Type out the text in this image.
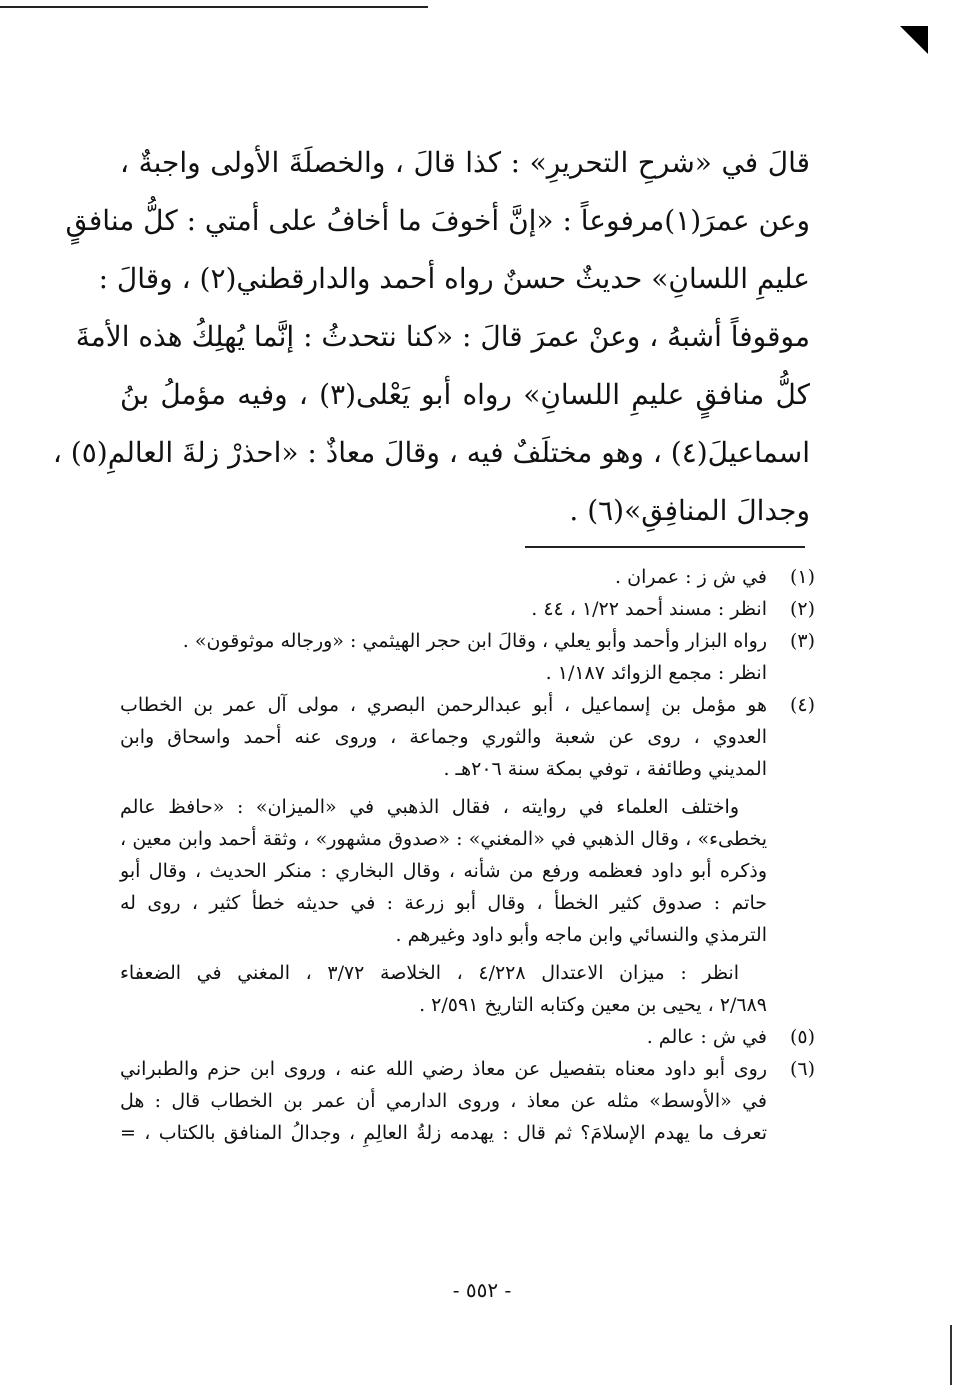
قالَ في «شرحِ التحريرِ» : كذا قالَ ، والخصلَةَ الأولى واجبةٌ ،
وعن عمرَ(١)مرفوعاً : «إنَّ أخوفَ ما أخافُ على أمتي : كلُّ منافقٍ
عليمِ اللسانِ» حديثٌ حسنٌ رواه أحمد والدارقطني(٢) ، وقالَ :
موقوفاً أشبهُ ، وعنْ عمرَ قالَ : «كنا نتحدثُ : إنَّما يُهلِكُ هذه الأمةَ
كلُّ منافقٍ عليمِ اللسانِ» رواه أبو يَعْلى(٣) ، وفيه مؤملُ بنُ
اسماعيلَ(٤) ، وهو مختلَفٌ فيه ، وقالَ معاذٌ : «احذرْ زلةَ العالمِ(٥) ،
وجدالَ المنافِقِ»(٦) .
(١)
في ش ز : عمران .
(٢)
انظر : مسند أحمد ١/٢٢ ، ٤٤ .
(٣)
رواه البزار وأحمد وأبو يعلي ، وقالَ ابن حجر الهيثمي : «ورجاله موثوقون» .
انظر : مجمع الزوائد ١/١٨٧ .
(٤)
هو مؤمل بن إسماعيل ، أبو عبدالرحمن البصري ، مولى آل عمر بن الخطاب
العدوي ، روى عن شعبة والثوري وجماعة ، وروى عنه أحمد واسحاق وابن
المديني وطائفة ، توفي بمكة سنة ٢٠٦هـ .
واختلف العلماء في روايته ، فقال الذهبي في «الميزان» : «حافظ عالم
يخطىء» ، وقال الذهبي في «المغني» : «صدوق مشهور» ، وثقة أحمد وابن معين ،
وذكره أبو داود فعظمه ورفع من شأنه ، وقال البخاري : منكر الحديث ، وقال أبو
حاتم : صدوق كثير الخطأ ، وقال أبو زرعة : في حديثه خطأ كثير ، روى له
الترمذي والنسائي وابن ماجه وأبو داود وغيرهم .
انظر : ميزان الاعتدال ٤/٢٢٨ ، الخلاصة ٣/٧٢ ، المغني في الضعفاء
٢/٦٨٩ ، يحيى بن معين وكتابه التاريخ ٢/٥٩١ .
(٥)
في ش : عالم .
(٦)
روى أبو داود معناه بتفصيل عن معاذ رضي الله عنه ، وروى ابن حزم والطبراني
في «الأوسط» مثله عن معاذ ، وروى الدارمي أن عمر بن الخطاب قال : هل
تعرف ما يهدم الإسلامَ؟ ثم قال : يهدمه زلةُ العالِمِ ، وجدالُ المنافق بالكتاب ، =
- ٥٥٢ -
